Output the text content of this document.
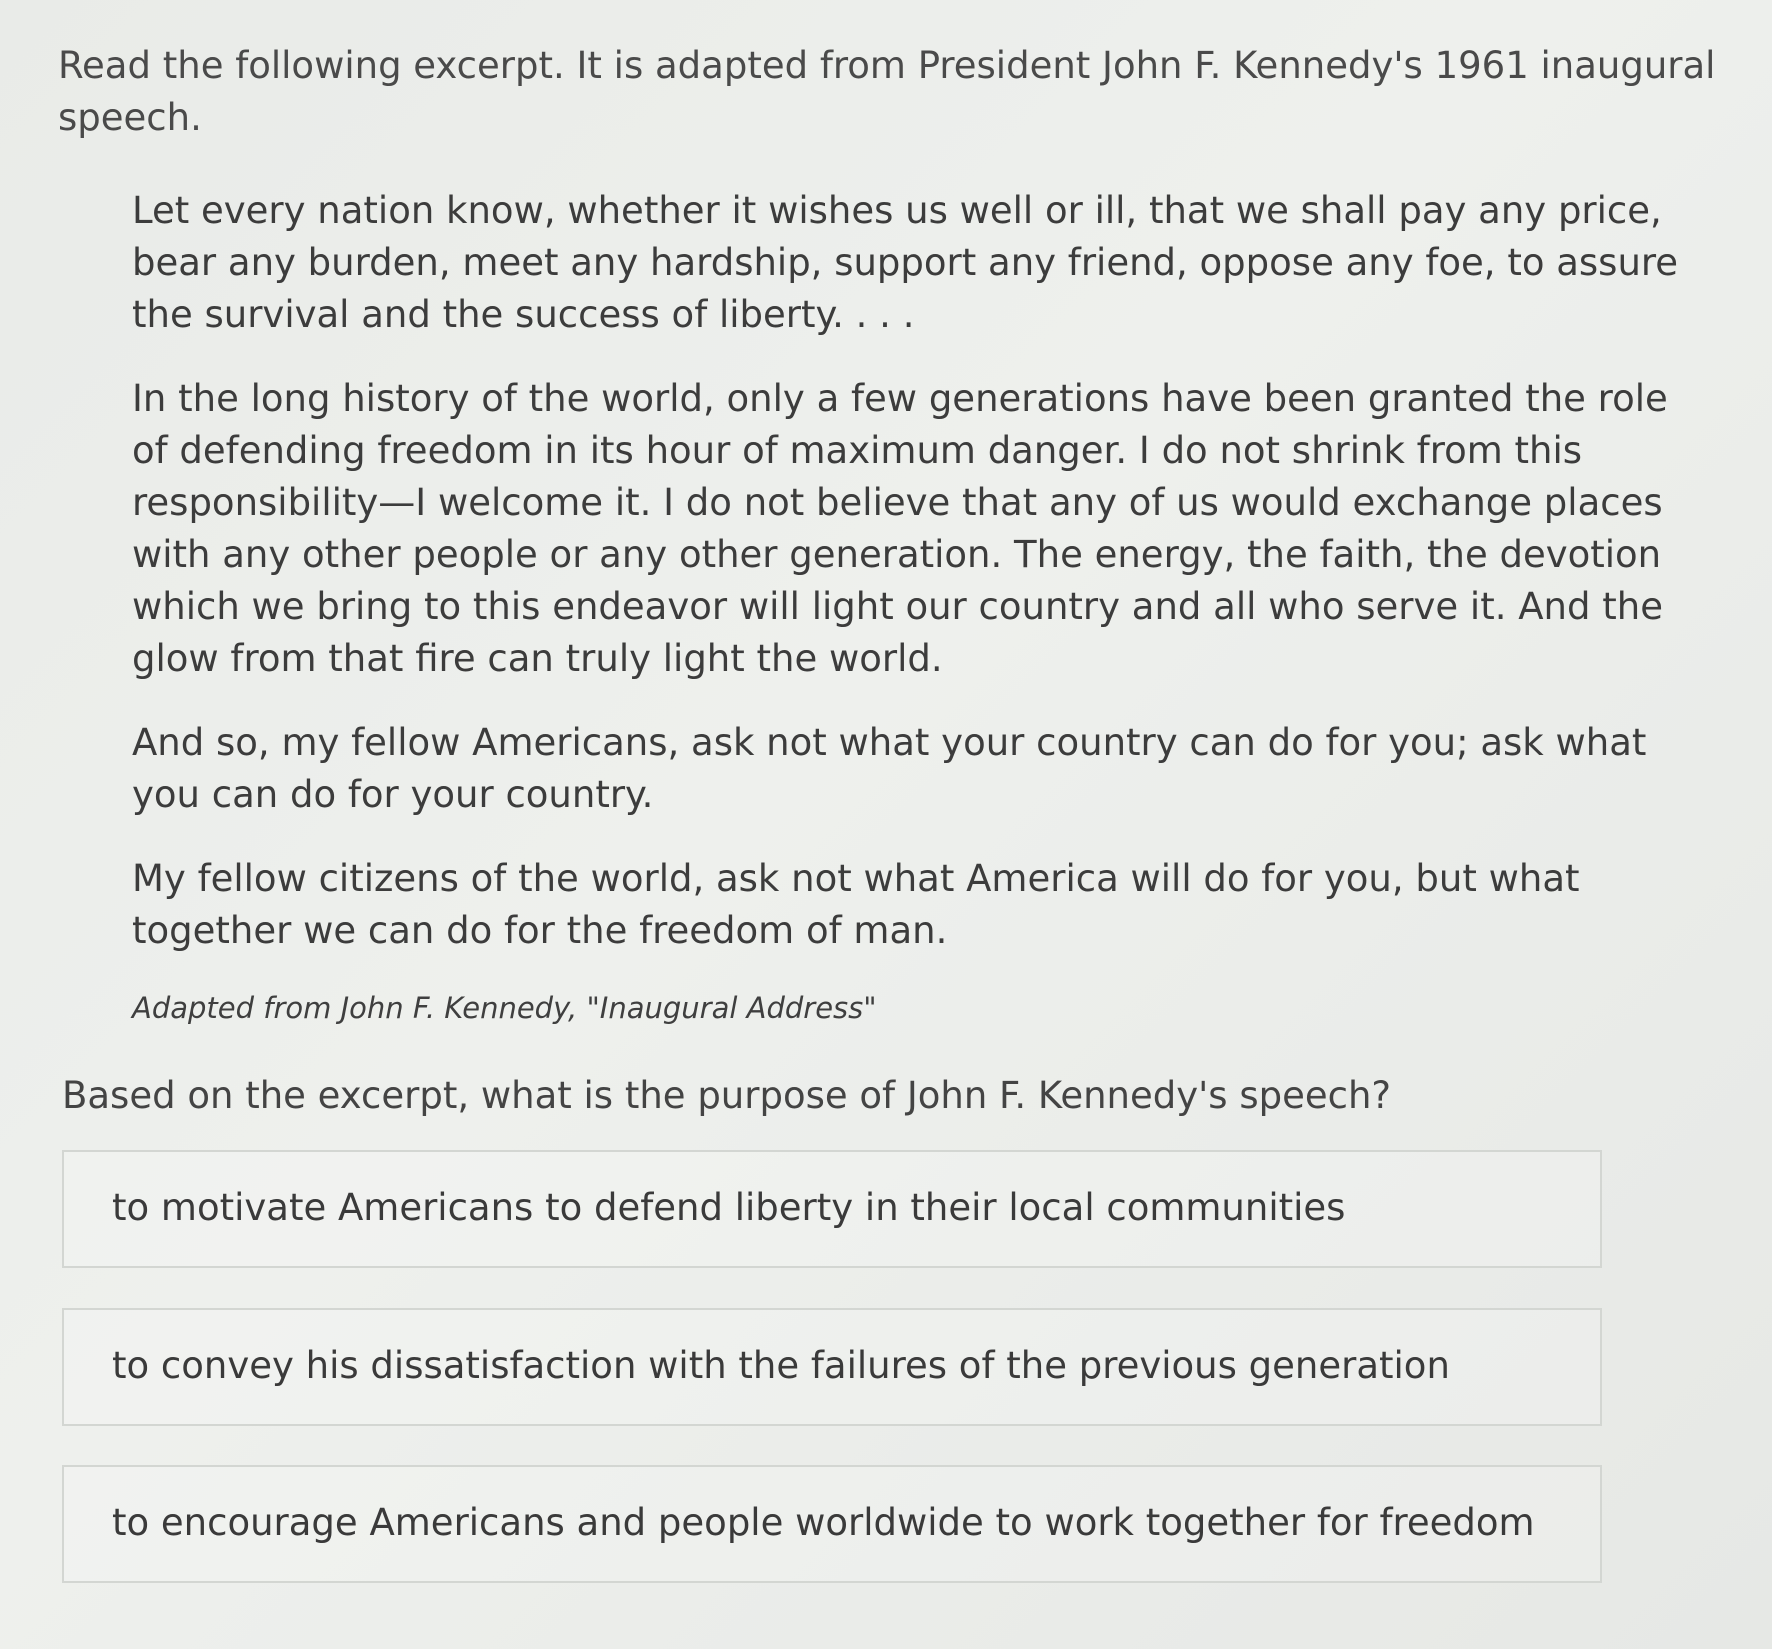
Read the following excerpt. It is adapted from President John F. Kennedy's 1961 inaugural speech.

Let every nation know, whether it wishes us well or ill, that we shall pay any price, bear any burden, meet any hardship, support any friend, oppose any foe, to assure the survival and the success of liberty. . . .

In the long history of the world, only a few generations have been granted the role of defending freedom in its hour of maximum danger. I do not shrink from this responsibility—I welcome it. I do not believe that any of us would exchange places with any other people or any other generation. The energy, the faith, the devotion which we bring to this endeavor will light our country and all who serve it. And the glow from that fire can truly light the world.

And so, my fellow Americans, ask not what your country can do for you; ask what you can do for your country.

My fellow citizens of the world, ask not what America will do for you, but what together we can do for the freedom of man.

Adapted from John F. Kennedy, "Inaugural Address"
Based on the excerpt, what is the purpose of John F. Kennedy's speech?
to motivate Americans to defend liberty in their local communities
to convey his dissatisfaction with the failures of the previous generation
to encourage Americans and people worldwide to work together for freedom
